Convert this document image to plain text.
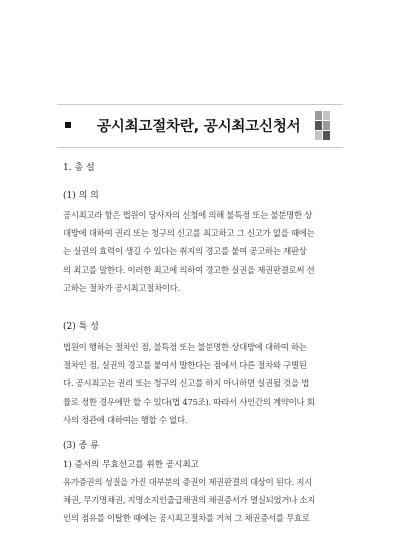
공시최고절차란, 공시최고신청서
1. 총 설
(1) 의 의
공시최고라 함은 법원이 당사자의 신청에 의해 불특정 또는 불분명한 상
대방에 대하여 권리 또는 청구의 신고를 최고하고 그 신고가 없을 때에는
는 실권의 효력이 생길 수 있다는 취지의 경고를 붙여 공고하는 재판상
의 최고를 말한다. 이러한 최고에 의하여 경고한 실권을 제권판결로써 선
고하는 절차가 공시최고절차이다.
(2) 특 성
법원이 행하는 절차인 점, 불특정 또는 불분명한 상대방에 대하여 하는
절차인 점, 실권의 경고를 붙여서 발한다는 점에서 다른 절차와 구별된
다. 공시최고는 권리 또는 청구의 신고를 하지 아니하면 실권될 것을 법
률로 정한 경우에만 할 수 있다(법 475조). 따라서 사인간의 계약이나 회
사의 정관에 대하여는 행할 수 없다.
(3) 종 류
1) 증서의 무효선고를 위한 공시최고
유가증권의 성질을 가진 대부분의 증권이 제권판결의 대상이 된다. 지시
채권, 무기명채권, 지명소지인출급채권의 채권증서가 멸실되었거나 소지
인의 점유를 이탈한 때에는 공시최고절차를 거쳐 그 채권증서를 무효로
